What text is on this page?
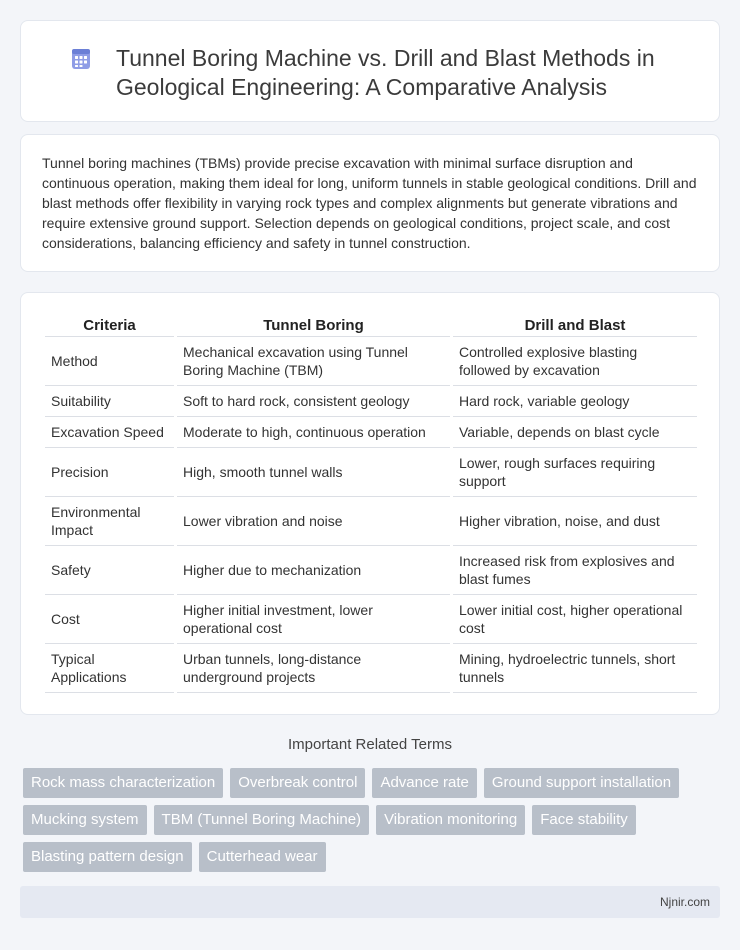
Tunnel Boring Machine vs. Drill and Blast Methods in Geological Engineering: A Comparative Analysis

Tunnel boring machines (TBMs) provide precise excavation with minimal surface disruption and continuous operation, making them ideal for long, uniform tunnels in stable geological conditions. Drill and blast methods offer flexibility in varying rock types and complex alignments but generate vibrations and require extensive ground support. Selection depends on geological conditions, project scale, and cost considerations, balancing efficiency and safety in tunnel construction.

Criteria	Tunnel Boring	Drill and Blast
Method	Mechanical excavation using Tunnel Boring Machine (TBM)	Controlled explosive blasting followed by excavation
Suitability	Soft to hard rock, consistent geology	Hard rock, variable geology
Excavation Speed	Moderate to high, continuous operation	Variable, depends on blast cycle
Precision	High, smooth tunnel walls	Lower, rough surfaces requiring support
Environmental Impact	Lower vibration and noise	Higher vibration, noise, and dust
Safety	Higher due to mechanization	Increased risk from explosives and blast fumes
Cost	Higher initial investment, lower operational cost	Lower initial cost, higher operational cost
Typical Applications	Urban tunnels, long-distance underground projects	Mining, hydroelectric tunnels, short tunnels
Important Related Terms
Rock mass characterization	Overbreak control	Advance rate	Ground support installation
Mucking system	TBM (Tunnel Boring Machine)	Vibration monitoring	Face stability
Blasting pattern design	Cutterhead wear
Njnir.com
